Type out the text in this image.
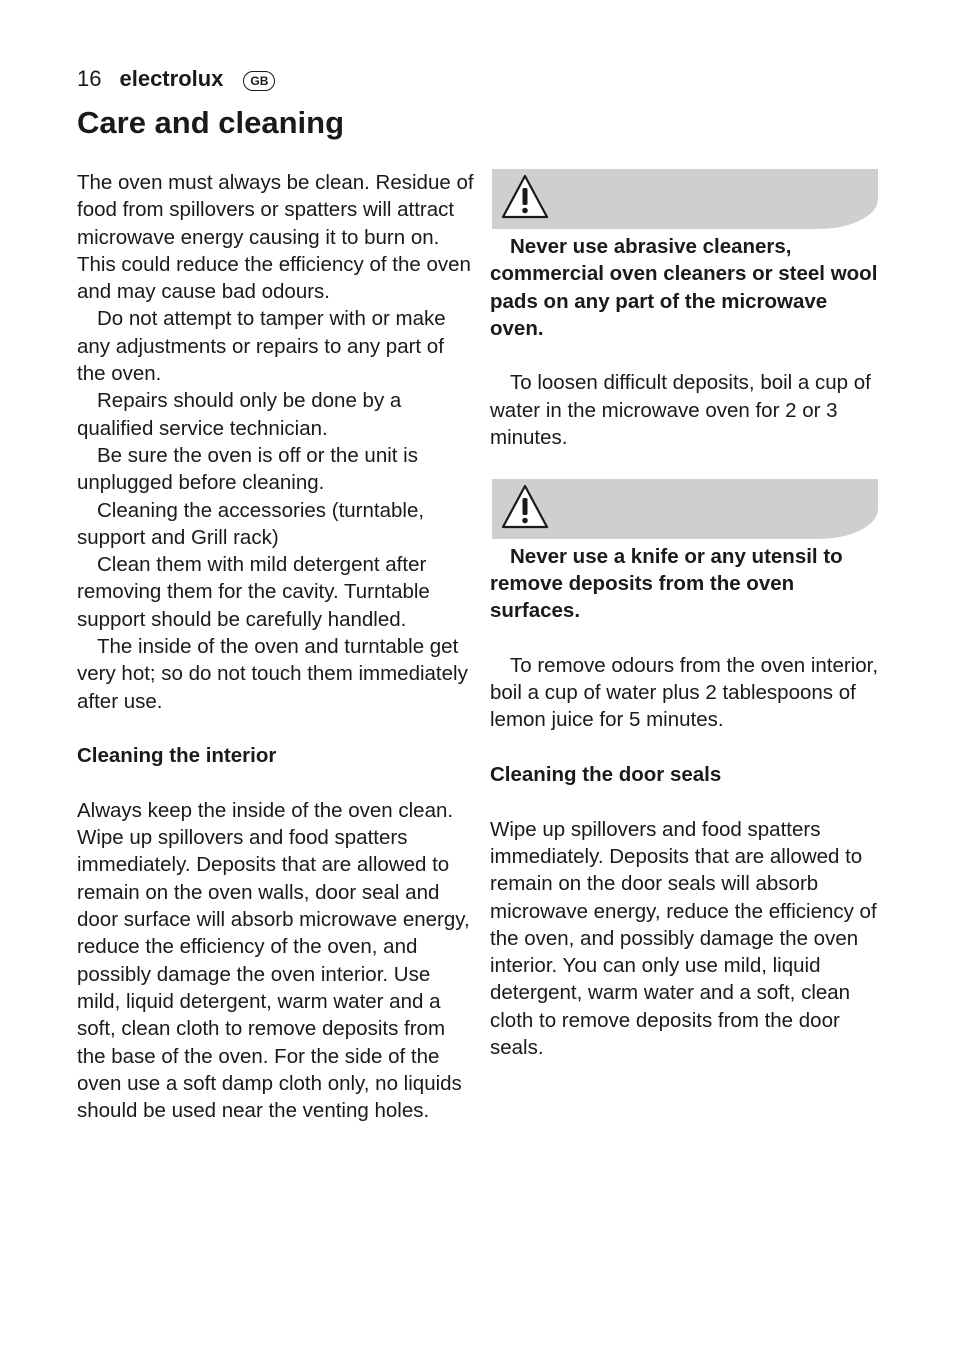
16 electrolux	GB
Care and cleaning

The oven must always be clean. Residue of food from spillovers or spatters will attract microwave energy causing it to burn on. This could reduce the efficiency of the oven and may cause bad odours.

Do not attempt to tamper with or make any adjustments or repairs to any part of the oven.

Repairs should only be done by a qualified service technician.

Be sure the oven is off or the unit is unplugged before cleaning.

Cleaning the accessories (turntable, support and Grill rack)

Clean them with mild detergent after removing them for the cavity. Turntable support should be carefully handled.

The inside of the oven and turntable get very hot; so do not touch them immediately after use.

Cleaning the interior

Always keep the inside of the oven clean. Wipe up spillovers and food spatters immediately. Deposits that are allowed to remain on the oven walls, door seal and door surface will absorb microwave energy, reduce the efficiency of the oven, and possibly damage the oven interior. Use mild, liquid detergent, warm water and a soft, clean cloth to remove deposits from the base of the oven. For the side of the oven use a soft damp cloth only, no liquids should be used near the venting holes.

Never use abrasive cleaners, commercial oven cleaners or steel wool pads on any part of the microwave oven.

To loosen difficult deposits, boil a cup of water in the microwave oven for 2 or 3 minutes.

Never use a knife or any utensil to remove deposits from the oven surfaces.

To remove odours from the oven interior, boil a cup of water plus 2 tablespoons of lemon juice for 5 minutes.

Cleaning the door seals

Wipe up spillovers and food spatters immediately. Deposits that are allowed to remain on the door seals will absorb microwave energy, reduce the efficiency of the oven, and possibly damage the oven interior. You can only use mild, liquid detergent, warm water and a soft, clean cloth to remove deposits from the door seals.
